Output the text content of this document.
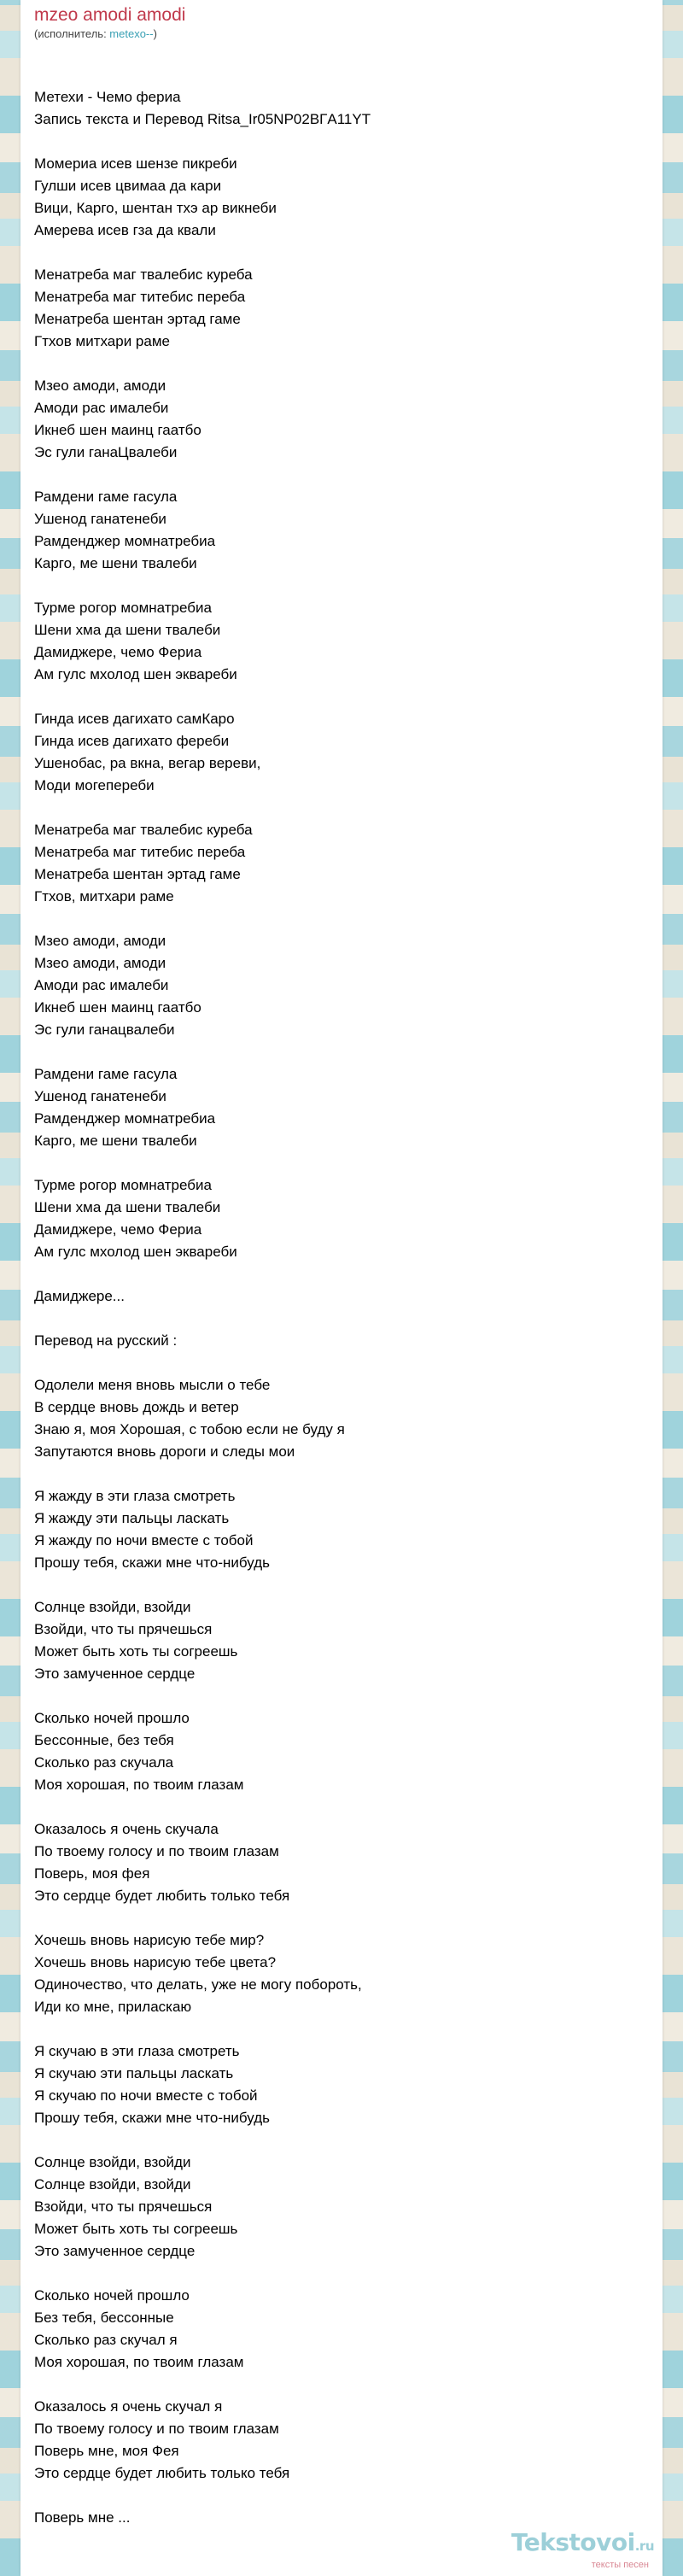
mzeo amodi amodi
(исполнитель: metexo--)
Метехи - Чемо фериа
Запись текста и Перевод Ritsa_Ir05NP02BГA11YT
Момериа исев шензе пикреби
Гулши исев цвимаа да кари
Вици, Карго, шентан тхэ ар викнеби
Амерева исев гза да квали
Менатреба маг твалебис куреба
Менатреба маг титебис переба
Менатреба шентан эртад гаме
Гтхов митхари раме
Мзео амоди, амоди
Амоди рас ималеби
Икнеб шен маинц гаатбо
Эс гули ганаЦвалеби
Рамдени гаме гасула
Ушенод ганатенеби
Рамденджер момнатребиа
Карго, ме шени твалеби
Турме рогор момнатребиа
Шени хма да шени твалеби
Дамиджере, чемо Фериа
Ам гулс мхолод шен эквареби
Гинда исев дагихато самКаро
Гинда исев дагихато фереби
Ушенобас, ра вкна, вегар вереви,
Моди могепереби
Менатреба маг твалебис куреба
Менатреба маг титебис переба
Менатреба шентан эртад гаме
Гтхов, митхари раме
Мзео амоди, амоди
Мзео амоди, амоди
Амоди рас ималеби
Икнеб шен маинц гаатбо
Эс гули ганацвалеби
Рамдени гаме гасула
Ушенод ганатенеби
Рамденджер момнатребиа
Карго, ме шени твалеби
Турме рогор момнатребиа
Шени хма да шени твалеби
Дамиджере, чемо Фериа
Ам гулс мхолод шен эквареби
Дамиджере...
Перевод на русский :
Одолели меня вновь мысли о тебе
В сердце вновь дождь и ветер
Знаю я, моя Хорошая, с тобою если не буду я
Запутаются вновь дороги и следы мои
Я жажду в эти глаза смотреть
Я жажду эти пальцы ласкать
Я жажду по ночи вместе с тобой
Прошу тебя, скажи мне что-нибудь
Солнце взойди, взойди
Взойди, что ты прячешься
Может быть хоть ты согреешь
Это замученное сердце
Сколько ночей прошло
Бессонные, без тебя
Сколько раз скучала
Моя хорошая, по твоим глазам
Оказалось я очень скучала
По твоему голосу и по твоим глазам
Поверь, моя фея
Это сердце будет любить только тебя
Хочешь вновь нарисую тебе мир?
Хочешь вновь нарисую тебе цвета?
Одиночество, что делать, уже не могу побороть,
Иди ко мне, приласкаю
Я скучаю в эти глаза смотреть
Я скучаю эти пальцы ласкать
Я скучаю по ночи вместе с тобой
Прошу тебя, скажи мне что-нибудь
Солнце взойди, взойди
Солнце взойди, взойди
Взойди, что ты прячешься
Может быть хоть ты согреешь
Это замученное сердце
Сколько ночей прошло
Без тебя, бессонные
Сколько раз скучал я
Моя хорошая, по твоим глазам
Оказалось я очень скучал я
По твоему голосу и по твоим глазам
Поверь мне, моя Фея
Это сердце будет любить только тебя
Поверь мне ...
Tekstovoi.ru
тексты песен
